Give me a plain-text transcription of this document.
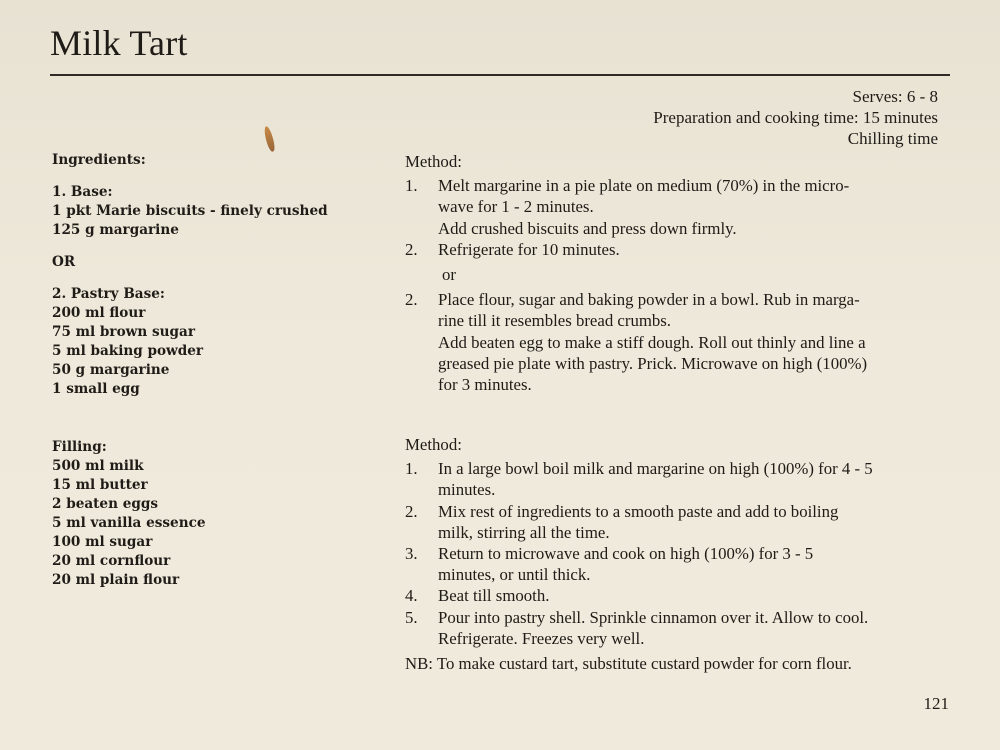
Milk Tart
Serves: 6 - 8
Preparation and cooking time: 15 minutes
Chilling time
Ingredients:
1. Base:
1 pkt Marie biscuits - finely crushed
125 g margarine
OR
2. Pastry Base:
200 ml flour
75 ml brown sugar
5 ml baking powder
50 g margarine
1 small egg
Filling:
500 ml milk
15 ml butter
2 beaten eggs
5 ml vanilla essence
100 ml sugar
20 ml cornflour
20 ml plain flour
Method:
1. Melt margarine in a pie plate on medium (70%) in the micro-
wave for 1 - 2 minutes.
Add crushed biscuits and press down firmly.
2. Refrigerate for 10 minutes.
or
2. Place flour, sugar and baking powder in a bowl. Rub in marga-
rine till it resembles bread crumbs.
Add beaten egg to make a stiff dough. Roll out thinly and line a
greased pie plate with pastry. Prick. Microwave on high (100%)
for 3 minutes.
Method:
1. In a large bowl boil milk and margarine on high (100%) for 4 - 5
minutes.
2. Mix rest of ingredients to a smooth paste and add to boiling
milk, stirring all the time.
3. Return to microwave and cook on high (100%) for 3 - 5
minutes, or until thick.
4. Beat till smooth.
5. Pour into pastry shell. Sprinkle cinnamon over it. Allow to cool.
Refrigerate. Freezes very well.
NB: To make custard tart, substitute custard powder for corn flour.
121
